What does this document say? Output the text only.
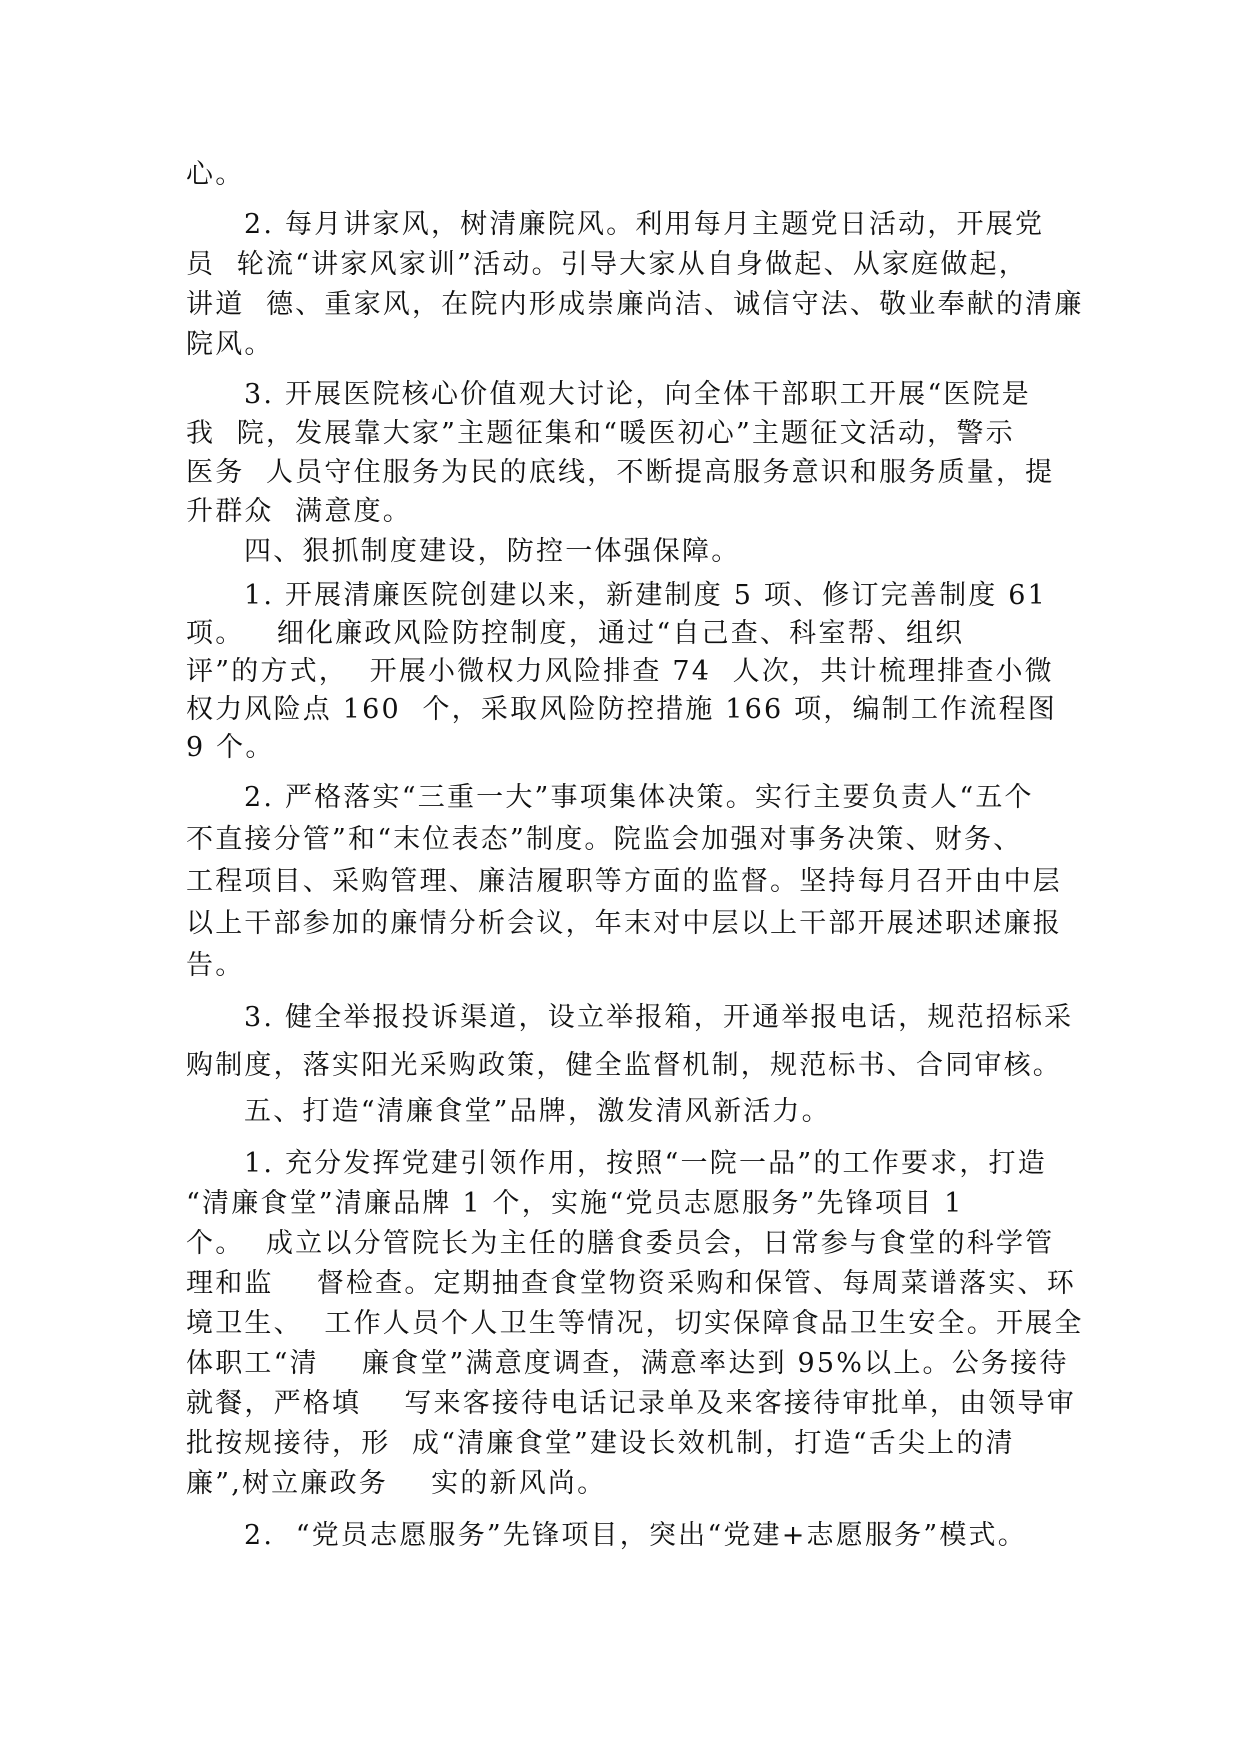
心。
2. 每月讲家风，树清廉院风。利用每月主题党日活动，开展党
员  轮流“讲家风家训”活动。引导大家从自身做起、从家庭做起，
讲道  德、重家风，在院内形成崇廉尚洁、诚信守法、敬业奉献的清廉
院风。
3. 开展医院核心价值观大讨论，向全体干部职工开展“医院是
我  院，发展靠大家”主题征集和“暖医初心”主题征文活动，警示
医务  人员守住服务为民的底线，不断提高服务意识和服务质量，提
升群众  满意度。
四、狠抓制度建设，防控一体强保障。
1. 开展清廉医院创建以来，新建制度 5 项、修订完善制度 61
项。   细化廉政风险防控制度，通过“自己查、科室帮、组织
评”的方式，  开展小微权力风险排查 74  人次，共计梳理排查小微
权力风险点 160  个，采取风险防控措施 166 项，编制工作流程图
9 个。
2. 严格落实“三重一大”事项集体决策。实行主要负责人“五个
不直接分管”和“末位表态”制度。院监会加强对事务决策、财务、
工程项目、采购管理、廉洁履职等方面的监督。坚持每月召开由中层
以上干部参加的廉情分析会议，年末对中层以上干部开展述职述廉报
告。
3. 健全举报投诉渠道，设立举报箱，开通举报电话，规范招标采
购制度，落实阳光采购政策，健全监督机制，规范标书、合同审核。
五、打造“清廉食堂”品牌，激发清风新活力。
1. 充分发挥党建引领作用，按照“一院一品”的工作要求，打造
“清廉食堂”清廉品牌 1 个，实施“党员志愿服务”先锋项目 1
个。  成立以分管院长为主任的膳食委员会，日常参与食堂的科学管
理和监    督检查。定期抽查食堂物资采购和保管、每周菜谱落实、环
境卫生、  工作人员个人卫生等情况，切实保障食品卫生安全。开展全
体职工“清    廉食堂”满意度调查，满意率达到 95%以上。公务接待
就餐，严格填    写来客接待电话记录单及来客接待审批单，由领导审
批按规接待，形  成“清廉食堂”建设长效机制，打造“舌尖上的清
廉”,树立廉政务    实的新风尚。
2.  “党员志愿服务”先锋项目，突出“党建+志愿服务”模式。
